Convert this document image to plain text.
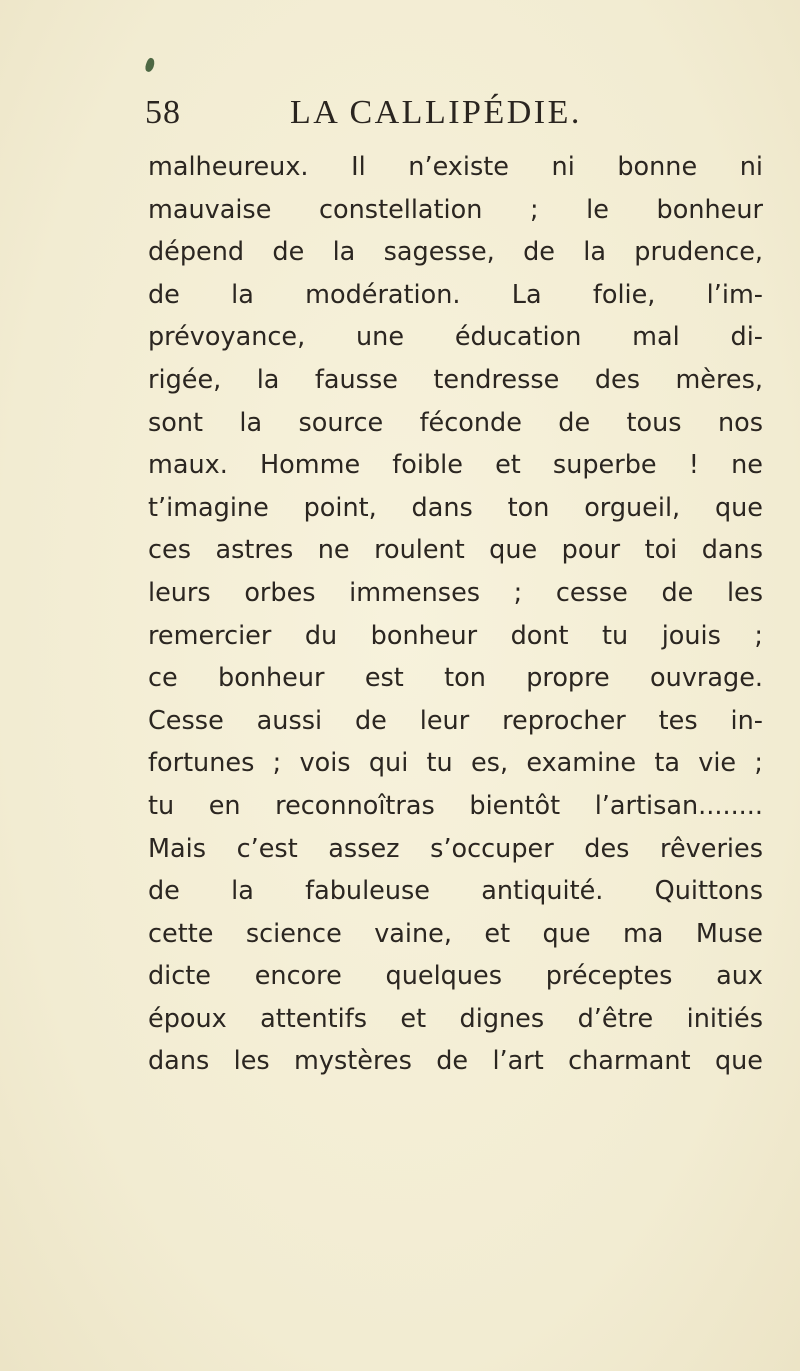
58	LA CALLIPÉDIE.
malheureux. Il n’existe ni bonne ni
mauvaise constellation ; le bonheur
dépend de la sagesse, de la prudence,
de la modération. La folie, l’im-
prévoyance, une éducation mal di-
rigée, la fausse tendresse des mères,
sont la source féconde de tous nos
maux. Homme foible et superbe ! ne
t’imagine point, dans ton orgueil, que
ces astres ne roulent que pour toi dans
leurs orbes immenses ; cesse de les
remercier du bonheur dont tu jouis ;
ce bonheur est ton propre ouvrage.
Cesse aussi de leur reprocher tes in-
fortunes ; vois qui tu es, examine ta vie ;
tu en reconnoîtras bientôt l’artisan........
Mais c’est assez s’occuper des rêveries
de la fabuleuse antiquité. Quittons
cette science vaine, et que ma Muse
dicte encore quelques préceptes aux
époux attentifs et dignes d’être initiés
dans les mystères de l’art charmant que
